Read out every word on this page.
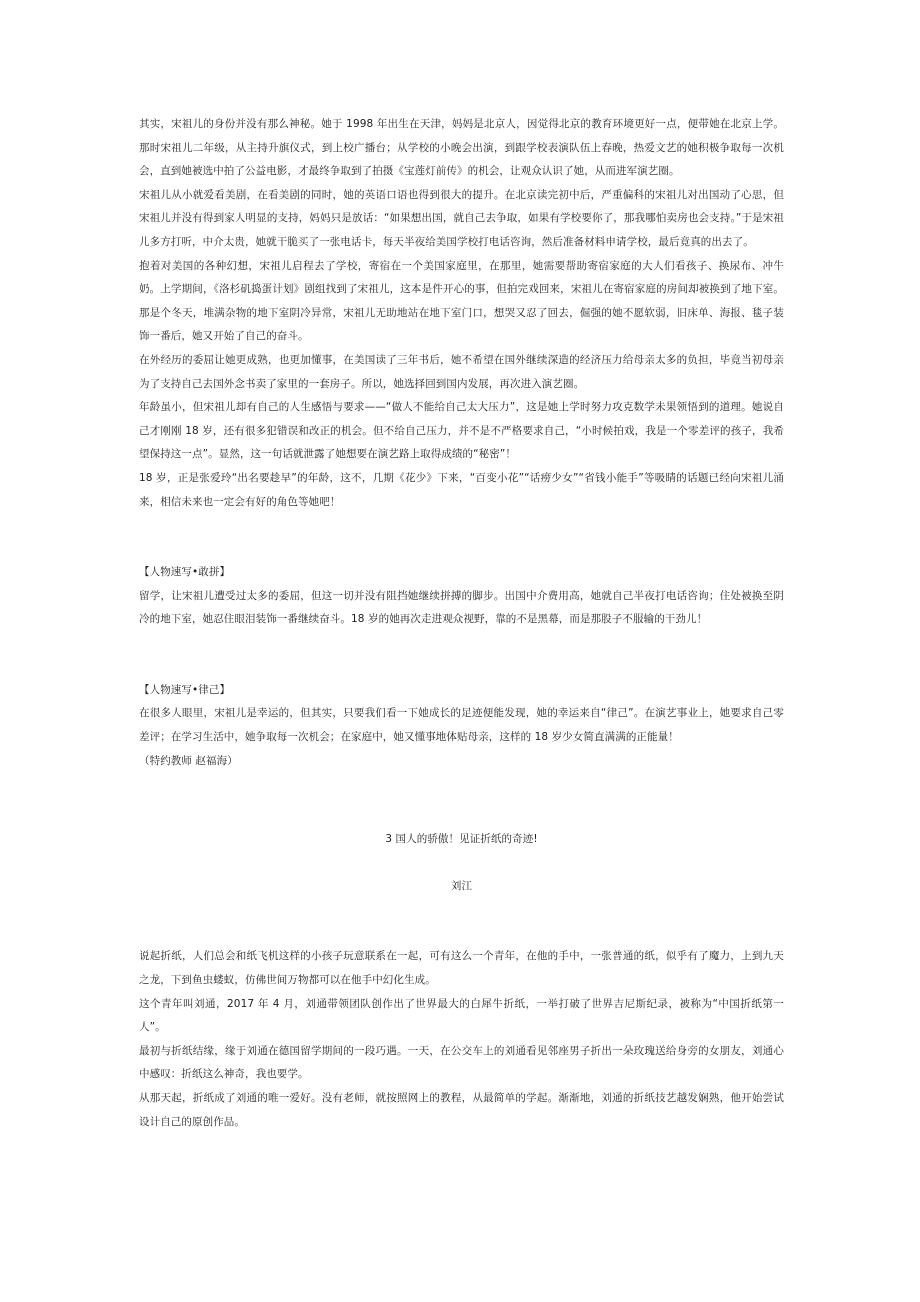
其实，宋祖儿的身份并没有那么神秘。她于 1998 年出生在天津，妈妈是北京人，因觉得北京的教育环境更好一点，便带她在北京上学。那时宋祖儿二年级，从主持升旗仪式，到上校广播台；从学校的小晚会出演，到跟学校表演队伍上春晚，热爱文艺的她积极争取每一次机会，直到她被选中拍了公益电影，才最终争取到了拍摄《宝莲灯前传》的机会，让观众认识了她，从而进军演艺圈。

宋祖儿从小就爱看美剧，在看美剧的同时，她的英语口语也得到很大的提升。在北京读完初中后，严重偏科的宋祖儿对出国动了心思，但宋祖儿并没有得到家人明显的支持，妈妈只是放话：“如果想出国，就自己去争取，如果有学校要你了，那我哪怕卖房也会支持。”于是宋祖儿多方打听，中介太贵，她就干脆买了一张电话卡，每天半夜给美国学校打电话咨询，然后准备材料申请学校，最后竟真的出去了。

抱着对美国的各种幻想，宋祖儿启程去了学校，寄宿在一个美国家庭里，在那里，她需要帮助寄宿家庭的大人们看孩子、换尿布、冲牛奶。上学期间，《洛杉矶捣蛋计划》剧组找到了宋祖儿，这本是件开心的事，但拍完戏回来，宋祖儿在寄宿家庭的房间却被换到了地下室。那是个冬天，堆满杂物的地下室阴冷异常，宋祖儿无助地站在地下室门口，想哭又忍了回去，倔强的她不愿软弱，旧床单、海报、毯子装饰一番后，她又开始了自己的奋斗。

在外经历的委屈让她更成熟，也更加懂事，在美国读了三年书后，她不希望在国外继续深造的经济压力给母亲太多的负担，毕竟当初母亲为了支持自己去国外念书卖了家里的一套房子。所以，她选择回到国内发展，再次进入演艺圈。

年龄虽小，但宋祖儿却有自己的人生感悟与要求——“做人不能给自己太大压力”，这是她上学时努力攻克数学未果领悟到的道理。她说自己才刚刚 18 岁，还有很多犯错误和改正的机会。但不给自己压力，并不是不严格要求自己，“小时候拍戏，我是一个零差评的孩子，我希望保持这一点”。显然，这一句话就泄露了她想要在演艺路上取得成绩的“秘密”！

18 岁，正是张爱玲“出名要趁早”的年龄，这不，几期《花少》下来，“百变小花”“话痨少女”“省钱小能手”等吸睛的话题已经向宋祖儿涌来，相信未来也一定会有好的角色等她吧！

【人物速写•敢拼】

留学，让宋祖儿遭受过太多的委屈，但这一切并没有阻挡她继续拼搏的脚步。出国中介费用高，她就自己半夜打电话咨询；住处被换至阴冷的地下室，她忍住眼泪装饰一番继续奋斗。18 岁的她再次走进观众视野，靠的不是黑幕，而是那股子不服输的干劲儿！

【人物速写•律己】

在很多人眼里，宋祖儿是幸运的，但其实，只要我们看一下她成长的足迹便能发现，她的幸运来自“律己”。在演艺事业上，她要求自己零差评；在学习生活中，她争取每一次机会；在家庭中，她又懂事地体贴母亲，这样的 18 岁少女简直满满的正能量！

（特约教师 赵福海）

3 国人的骄傲！见证折纸的奇迹!

刘江

说起折纸，人们总会和纸飞机这样的小孩子玩意联系在一起，可有这么一个青年，在他的手中，一张普通的纸，似乎有了魔力，上到九天之龙，下到鱼虫蝼蚁，仿佛世间万物都可以在他手中幻化生成。

这个青年叫刘通，2017 年 4 月，刘通带领团队创作出了世界最大的白犀牛折纸，一举打破了世界吉尼斯纪录，被称为“中国折纸第一人”。

最初与折纸结缘，缘于刘通在德国留学期间的一段巧遇。一天，在公交车上的刘通看见邻座男子折出一朵玫瑰送给身旁的女朋友，刘通心中感叹：折纸这么神奇，我也要学。

从那天起，折纸成了刘通的唯一爱好。没有老师，就按照网上的教程，从最简单的学起。渐渐地，刘通的折纸技艺越发娴熟，他开始尝试设计自己的原创作品。
